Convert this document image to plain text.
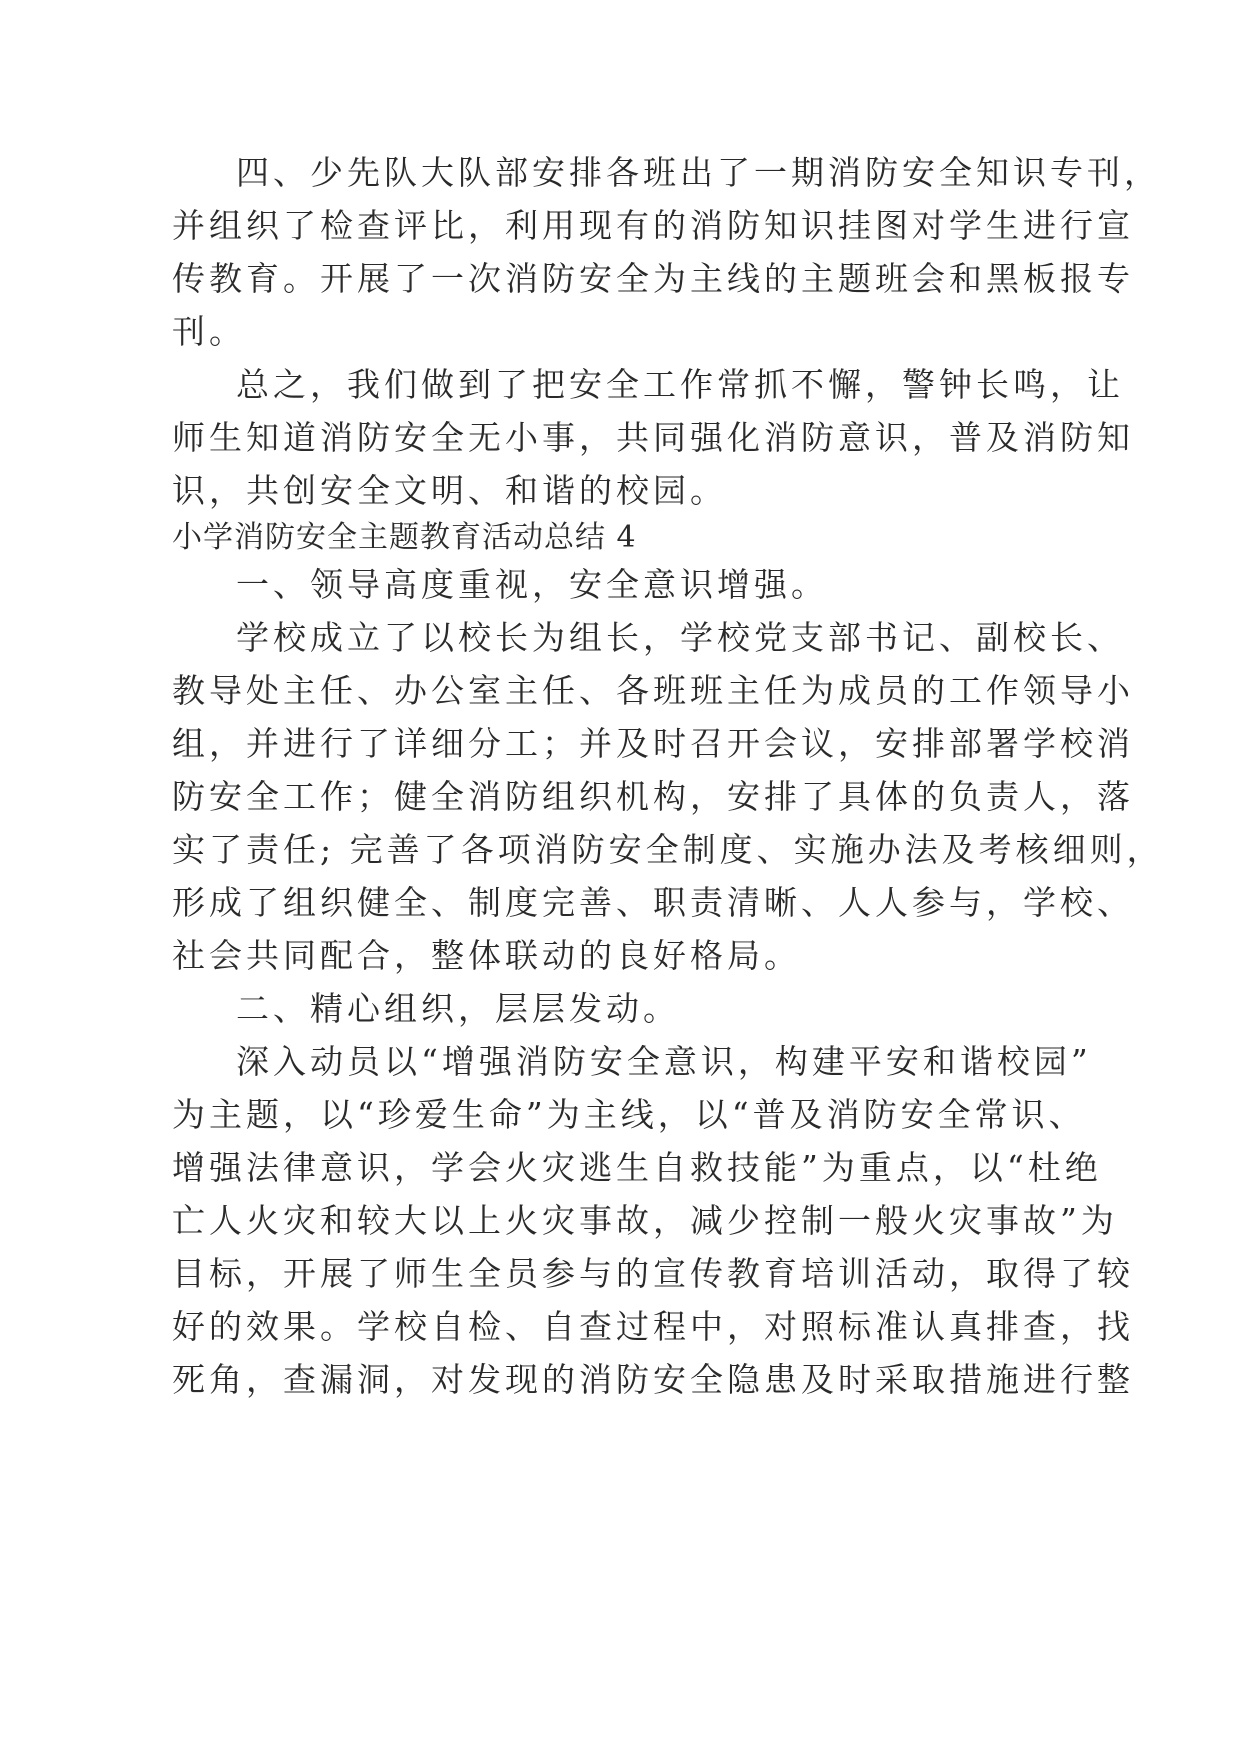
四、少先队大队部安排各班出了一期消防安全知识专刊，
并组织了检查评比，利用现有的消防知识挂图对学生进行宣
传教育。开展了一次消防安全为主线的主题班会和黑板报专
刊。
总之，我们做到了把安全工作常抓不懈，警钟长鸣，让
师生知道消防安全无小事，共同强化消防意识，普及消防知
识，共创安全文明、和谐的校园。
小学消防安全主题教育活动总结 4
一、领导高度重视，安全意识增强。
学校成立了以校长为组长，学校党支部书记、副校长、
教导处主任、办公室主任、各班班主任为成员的工作领导小
组，并进行了详细分工；并及时召开会议，安排部署学校消
防安全工作；健全消防组织机构，安排了具体的负责人，落
实了责任; 完善了各项消防安全制度、实施办法及考核细则，
形成了组织健全、制度完善、职责清晰、人人参与，学校、
社会共同配合，整体联动的良好格局。
二、精心组织，层层发动。
深入动员以“增强消防安全意识，构建平安和谐校园”
为主题，以“珍爱生命”为主线，以“普及消防安全常识、
增强法律意识，学会火灾逃生自救技能”为重点，以“杜绝
亡人火灾和较大以上火灾事故，减少控制一般火灾事故”为
目标，开展了师生全员参与的宣传教育培训活动，取得了较
好的效果。学校自检、自查过程中，对照标准认真排查，找
死角，查漏洞，对发现的消防安全隐患及时采取措施进行整
